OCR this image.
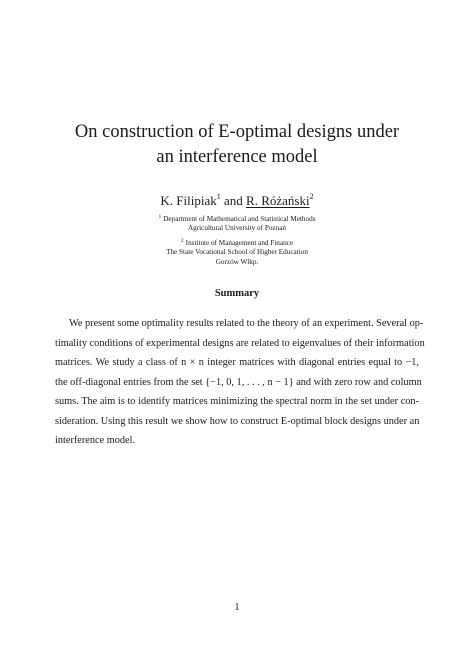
On construction of E-optimal designs under
an interference model
K. Filipiak$^1$ and R. Różański$^2$
$^1$ Department of Mathematical and Statistical Methods
Agricultural University of Poznań
$^2$ Institute of Management and Finance
The State Vocational School of Higher Education
Gorzów Wlkp.
Summary
We present some optimality results related to the theory of an experiment. Several op-
timality conditions of experimental designs are related to eigenvalues of their information
matrices. We study a class of n × n integer matrices with diagonal entries equal to −1,
the off-diagonal entries from the set {−1, 0, 1, . . . , n − 1} and with zero row and column
sums. The aim is to identify matrices minimizing the spectral norm in the set under con-
sideration. Using this result we show how to construct E-optimal block designs under an
interference model.
1
